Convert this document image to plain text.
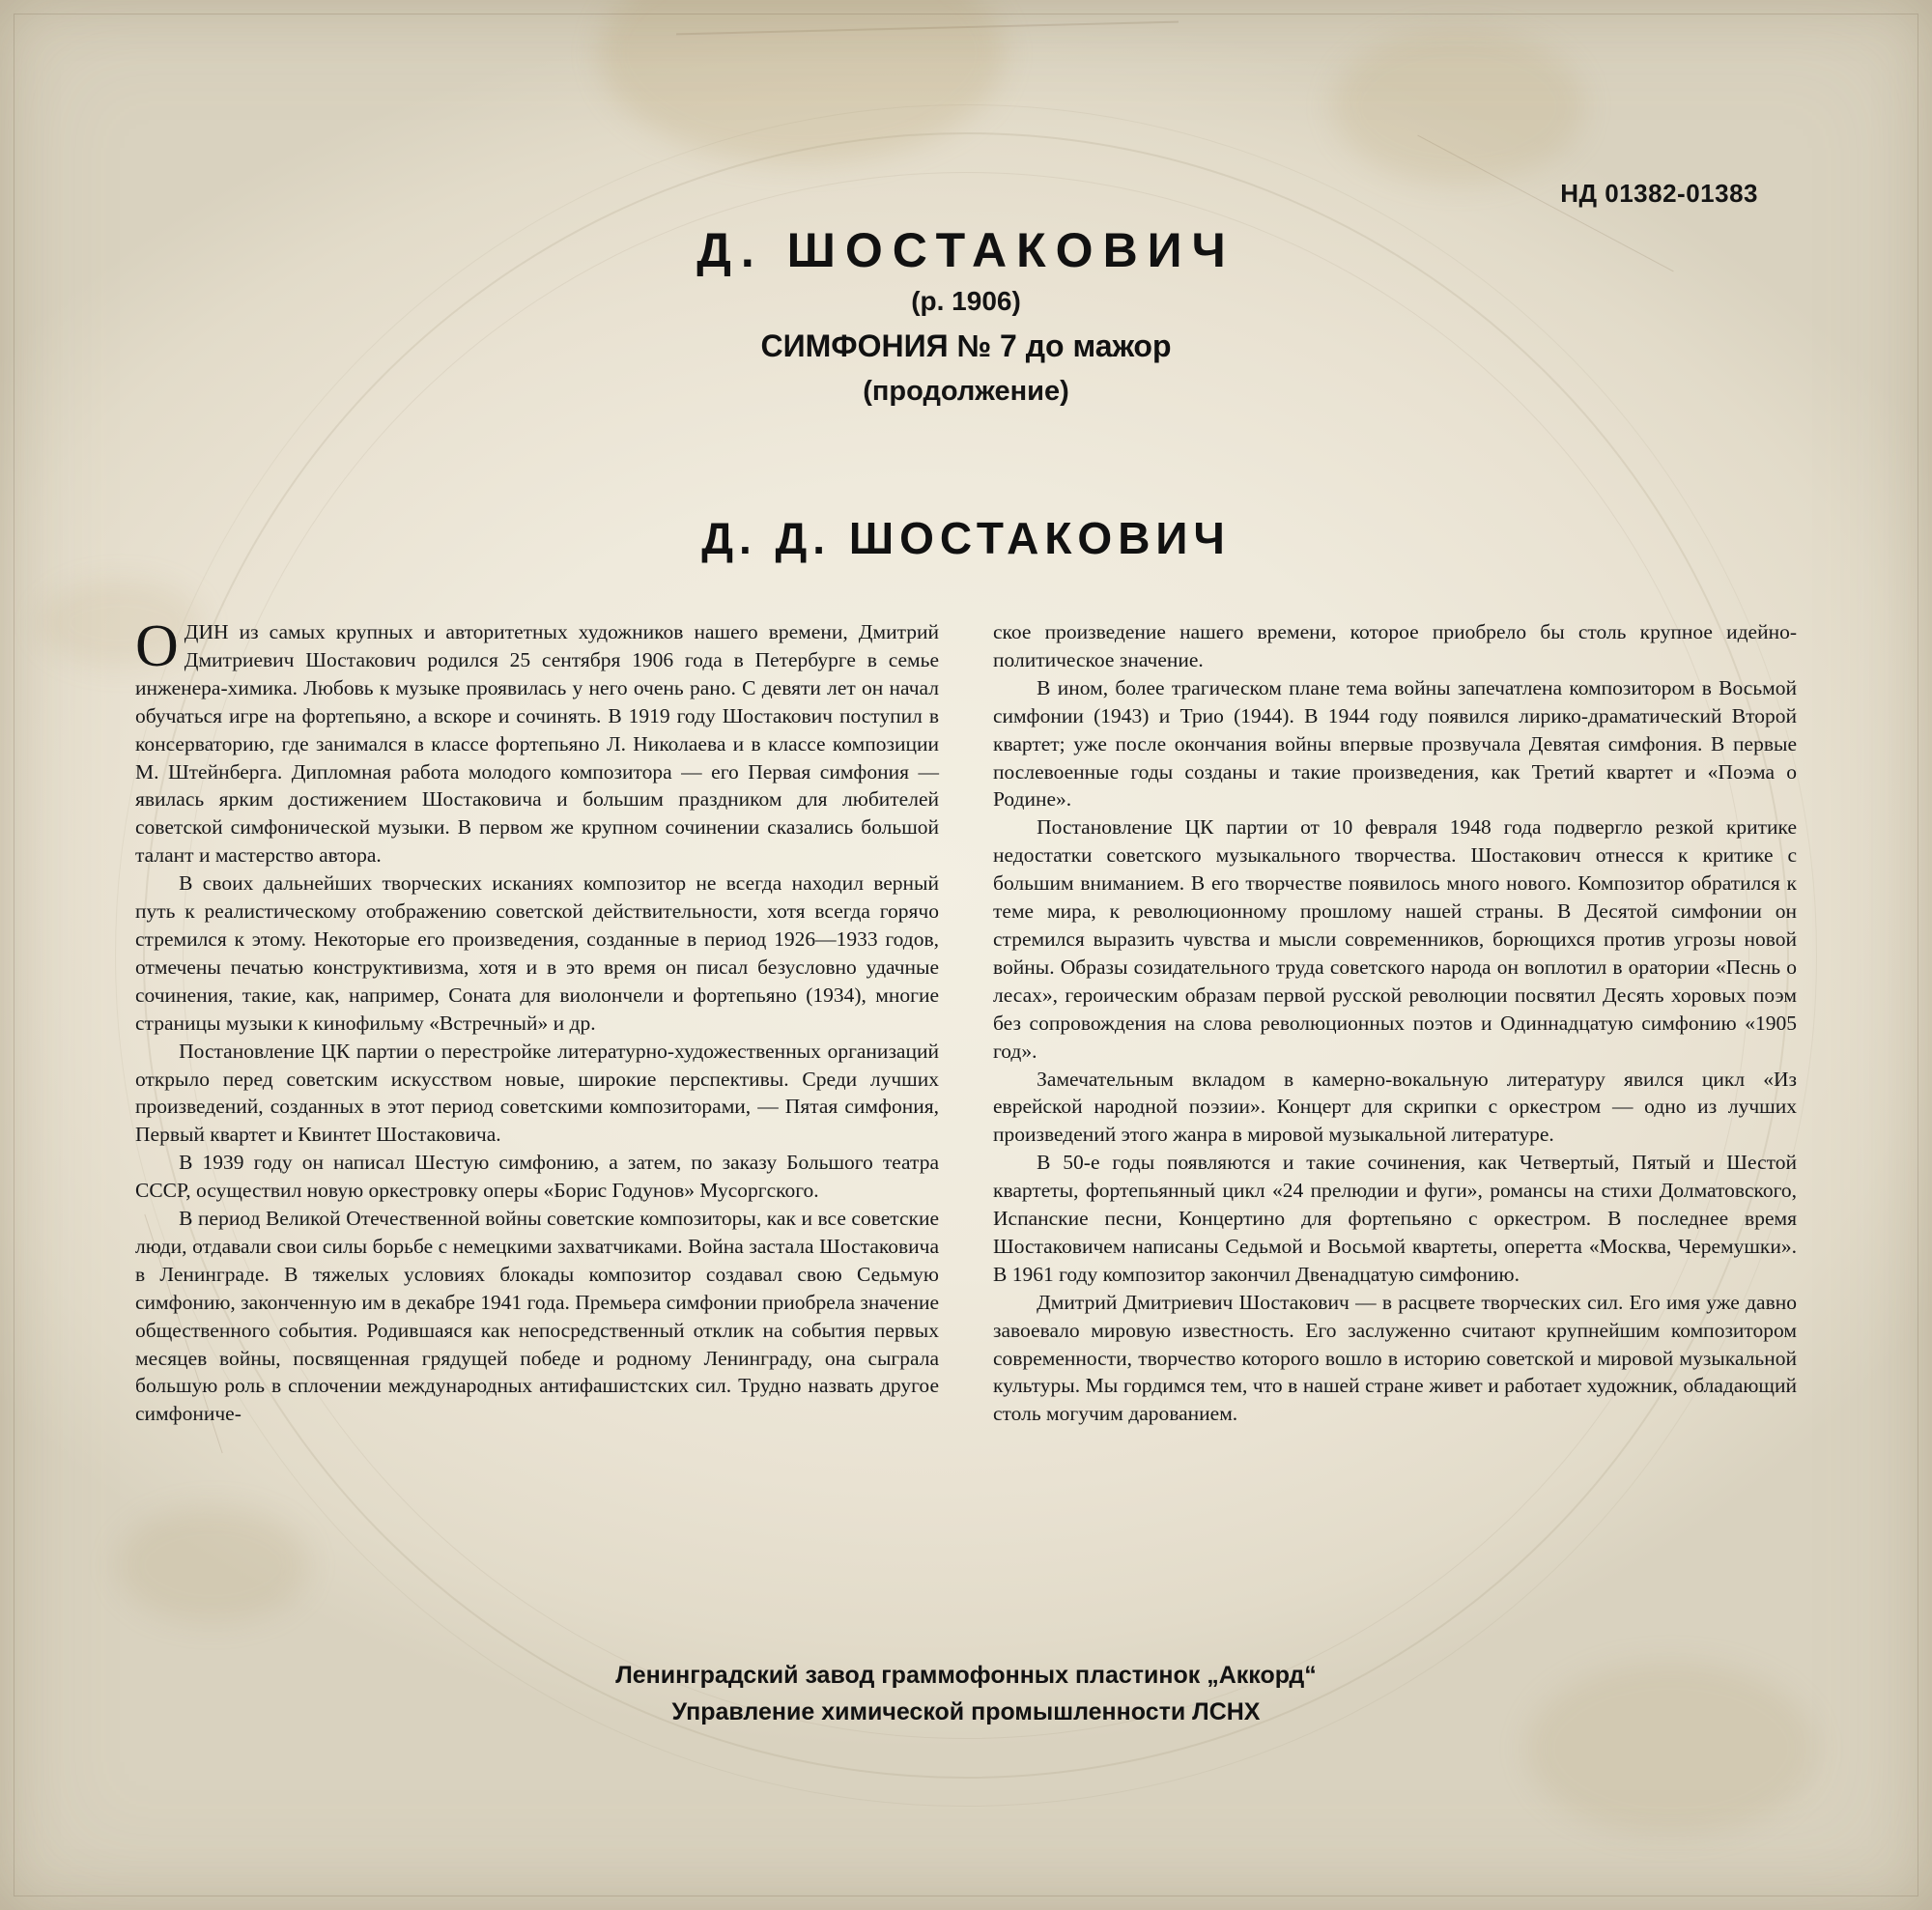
НД 01382-01383
Д. ШОСТАКОВИЧ
(р. 1906)
СИМФОНИЯ № 7 до мажор
(продолжение)
Д. Д. ШОСТАКОВИЧ

ОДИН из самых крупных и авторитетных художников нашего времени, Дмитрий Дмитриевич Шостакович родился 25 сентября 1906 года в Петербурге в семье инженера-химика. Любовь к музыке проявилась у него очень рано. С девяти лет он начал обучаться игре на фортепьяно, а вскоре и сочинять. В 1919 году Шостакович поступил в консерваторию, где занимался в классе фортепьяно Л. Николаева и в классе композиции М. Штейнберга. Дипломная работа молодого композитора — его Первая симфония — явилась ярким достижением Шостаковича и большим праздником для любителей советской симфонической музыки. В первом же крупном сочинении сказались большой талант и мастерство автора.

В своих дальнейших творческих исканиях композитор не всегда находил верный путь к реалистическому отображению советской действительности, хотя всегда горячо стремился к этому. Некоторые его произведения, созданные в период 1926—1933 годов, отмечены печатью конструктивизма, хотя и в это время он писал безусловно удачные сочинения, такие, как, например, Соната для виолончели и фортепьяно (1934), многие страницы музыки к кинофильму «Встречный» и др.

Постановление ЦК партии о перестройке литературно-художественных организаций открыло перед советским искусством новые, широкие перспективы. Среди лучших произведений, созданных в этот период советскими композиторами, — Пятая симфония, Первый квартет и Квинтет Шостаковича.

В 1939 году он написал Шестую симфонию, а затем, по заказу Большого театра СССР, осуществил новую оркестровку оперы «Борис Годунов» Мусоргского.

В период Великой Отечественной войны советские композиторы, как и все советские люди, отдавали свои силы борьбе с немецкими захватчиками. Война застала Шостаковича в Ленинграде. В тяжелых условиях блокады композитор создавал свою Седьмую симфонию, законченную им в декабре 1941 года. Премьера симфонии приобрела значение общественного события. Родившаяся как непосредственный отклик на события первых месяцев войны, посвященная грядущей победе и родному Ленинграду, она сыграла большую роль в сплочении международных антифашистских сил. Трудно назвать другое симфониче-

ское произведение нашего времени, которое приобрело бы столь крупное идейно-политическое значение.

В ином, более трагическом плане тема войны запечатлена композитором в Восьмой симфонии (1943) и Трио (1944). В 1944 году появился лирико-драматический Второй квартет; уже после окончания войны впервые прозвучала Девятая симфония. В первые послевоенные годы созданы и такие произведения, как Третий квартет и «Поэма о Родине».

Постановление ЦК партии от 10 февраля 1948 года подвергло резкой критике недостатки советского музыкального творчества. Шостакович отнесся к критике с большим вниманием. В его творчестве появилось много нового. Композитор обратился к теме мира, к революционному прошлому нашей страны. В Десятой симфонии он стремился выразить чувства и мысли современников, борющихся против угрозы новой войны. Образы созидательного труда советского народа он воплотил в оратории «Песнь о лесах», героическим образам первой русской революции посвятил Десять хоровых поэм без сопровождения на слова революционных поэтов и Одиннадцатую симфонию «1905 год».

Замечательным вкладом в камерно-вокальную литературу явился цикл «Из еврейской народной поэзии». Концерт для скрипки с оркестром — одно из лучших произведений этого жанра в мировой музыкальной литературе.

В 50-е годы появляются и такие сочинения, как Четвертый, Пятый и Шестой квартеты, фортепьянный цикл «24 прелюдии и фуги», романсы на стихи Долматовского, Испанские песни, Концертино для фортепьяно с оркестром. В последнее время Шостаковичем написаны Седьмой и Восьмой квартеты, оперетта «Москва, Черемушки». В 1961 году композитор закончил Двенадцатую симфонию.

Дмитрий Дмитриевич Шостакович — в расцвете творческих сил. Его имя уже давно завоевало мировую известность. Его заслуженно считают крупнейшим композитором современности, творчество которого вошло в историю советской и мировой музыкальной культуры. Мы гордимся тем, что в нашей стране живет и работает художник, обладающий столь могучим дарованием.

Ленинградский завод граммофонных пластинок „Аккорд“
Управление химической промышленности ЛСНХ
